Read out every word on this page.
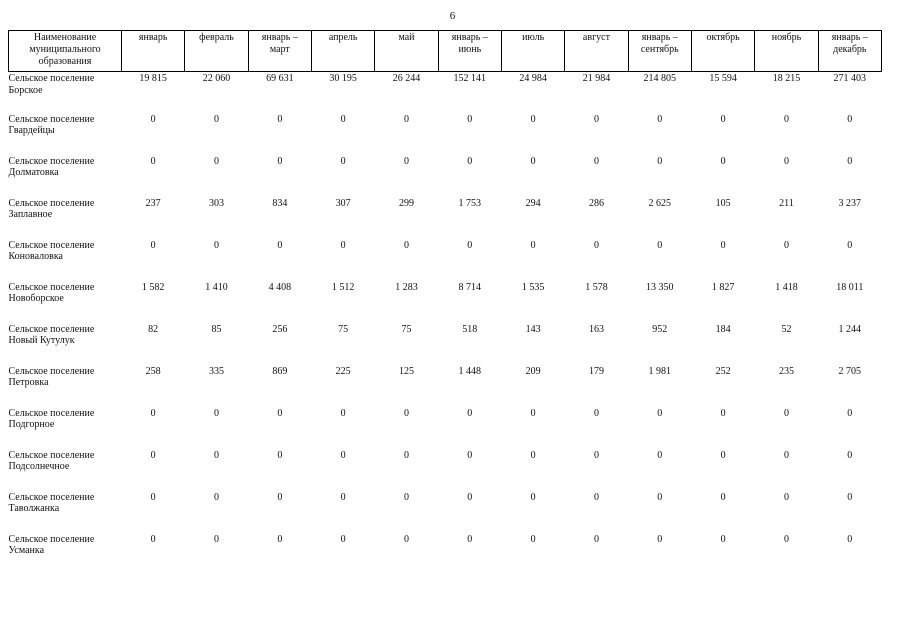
6
Наименование муниципального образования	январь	февраль	январь – март	апрель	май	январь – июнь	июль	август	январь – сентябрь	октябрь	ноябрь	январь – декабрь

Сельское поселение
Борское	19 815	22 060	69 631	30 195	26 244	152 141	24 984	21 984	214 805	15 594	18 215	271 403

Сельское поселение
Гвардейцы	0	0	0	0	0	0	0	0	0	0	0	0

Сельское поселение
Долматовка	0	0	0	0	0	0	0	0	0	0	0	0

Сельское поселение
Заплавное	237	303	834	307	299	1 753	294	286	2 625	105	211	3 237

Сельское поселение
Коноваловка	0	0	0	0	0	0	0	0	0	0	0	0

Сельское поселение
Новоборское	1 582	1 410	4 408	1 512	1 283	8 714	1 535	1 578	13 350	1 827	1 418	18 011

Сельское поселение
Новый Кутулук	82	85	256	75	75	518	143	163	952	184	52	1 244

Сельское поселение
Петровка	258	335	869	225	125	1 448	209	179	1 981	252	235	2 705

Сельское поселение
Подгорное	0	0	0	0	0	0	0	0	0	0	0	0

Сельское поселение
Подсолнечное	0	0	0	0	0	0	0	0	0	0	0	0

Сельское поселение
Таволжанка	0	0	0	0	0	0	0	0	0	0	0	0

Сельское поселение
Усманка	0	0	0	0	0	0	0	0	0	0	0	0
